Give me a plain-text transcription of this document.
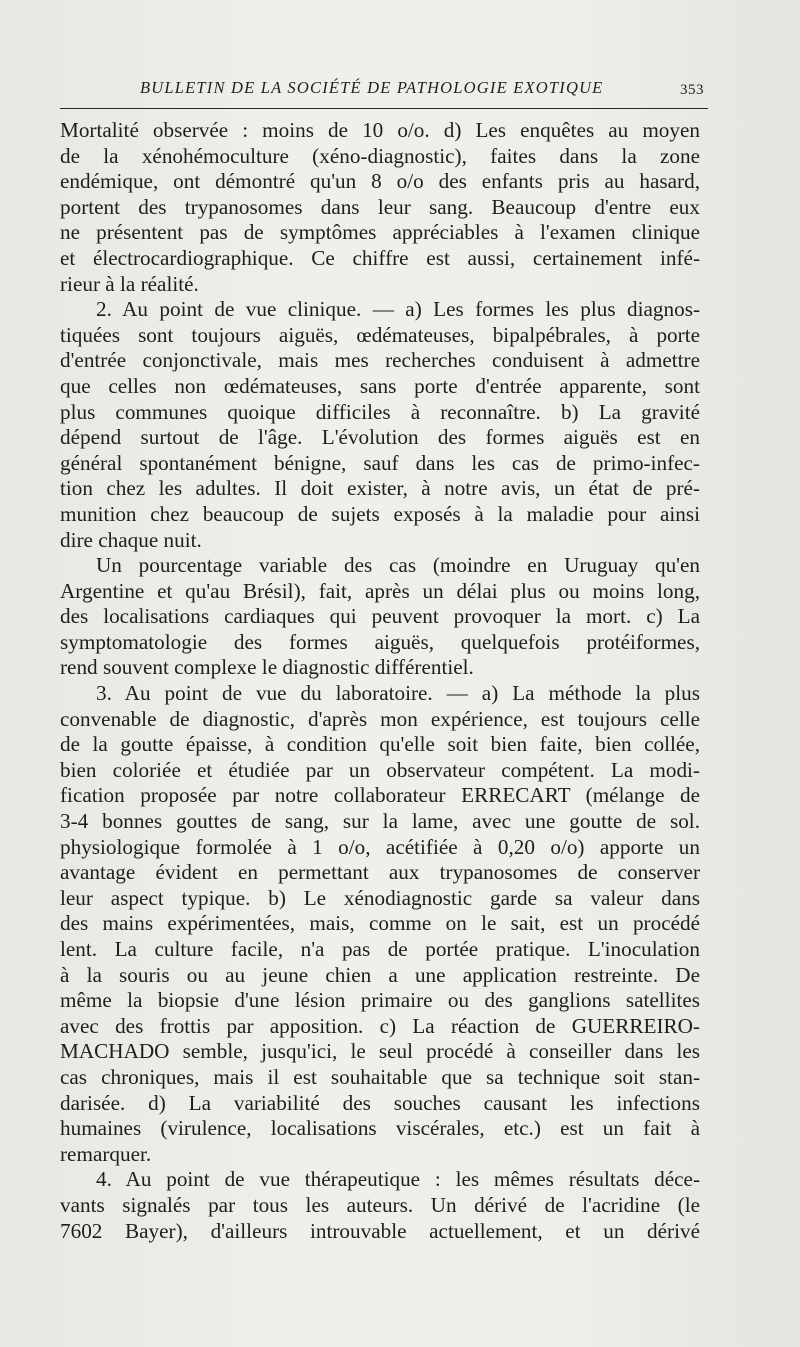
BULLETIN DE LA SOCIÉTÉ DE PATHOLOGIE EXOTIQUE	353
Mortalité observée : moins de 10 o/o. d) Les enquêtes au moyen
de la xénohémoculture (xéno-diagnostic), faites dans la zone
endémique, ont démontré qu'un 8 o/o des enfants pris au hasard,
portent des trypanosomes dans leur sang. Beaucoup d'entre eux
ne présentent pas de symptômes appréciables à l'examen clinique
et électrocardiographique. Ce chiffre est aussi, certainement infé-
rieur à la réalité.
2. Au point de vue clinique. — a) Les formes les plus diagnos-
tiquées sont toujours aiguës, œdémateuses, bipalpébrales, à porte
d'entrée conjonctivale, mais mes recherches conduisent à admettre
que celles non œdémateuses, sans porte d'entrée apparente, sont
plus communes quoique difficiles à reconnaître. b) La gravité
dépend surtout de l'âge. L'évolution des formes aiguës est en
général spontanément bénigne, sauf dans les cas de primo-infec-
tion chez les adultes. Il doit exister, à notre avis, un état de pré-
munition chez beaucoup de sujets exposés à la maladie pour ainsi
dire chaque nuit.
Un pourcentage variable des cas (moindre en Uruguay qu'en
Argentine et qu'au Brésil), fait, après un délai plus ou moins long,
des localisations cardiaques qui peuvent provoquer la mort. c) La
symptomatologie des formes aiguës, quelquefois protéiformes,
rend souvent complexe le diagnostic différentiel.
3. Au point de vue du laboratoire. — a) La méthode la plus
convenable de diagnostic, d'après mon expérience, est toujours celle
de la goutte épaisse, à condition qu'elle soit bien faite, bien collée,
bien coloriée et étudiée par un observateur compétent. La modi-
fication proposée par notre collaborateur ERRECART (mélange de
3-4 bonnes gouttes de sang, sur la lame, avec une goutte de sol.
physiologique formolée à 1 o/o, acétifiée à 0,20 o/o) apporte un
avantage évident en permettant aux trypanosomes de conserver
leur aspect typique. b) Le xénodiagnostic garde sa valeur dans
des mains expérimentées, mais, comme on le sait, est un procédé
lent. La culture facile, n'a pas de portée pratique. L'inoculation
à la souris ou au jeune chien a une application restreinte. De
même la biopsie d'une lésion primaire ou des ganglions satellites
avec des frottis par apposition. c) La réaction de GUERREIRO-
MACHADO semble, jusqu'ici, le seul procédé à conseiller dans les
cas chroniques, mais il est souhaitable que sa technique soit stan-
darisée. d) La variabilité des souches causant les infections
humaines (virulence, localisations viscérales, etc.) est un fait à
remarquer.
4. Au point de vue thérapeutique : les mêmes résultats déce-
vants signalés par tous les auteurs. Un dérivé de l'acridine (le
7602 Bayer), d'ailleurs introuvable actuellement, et un dérivé
